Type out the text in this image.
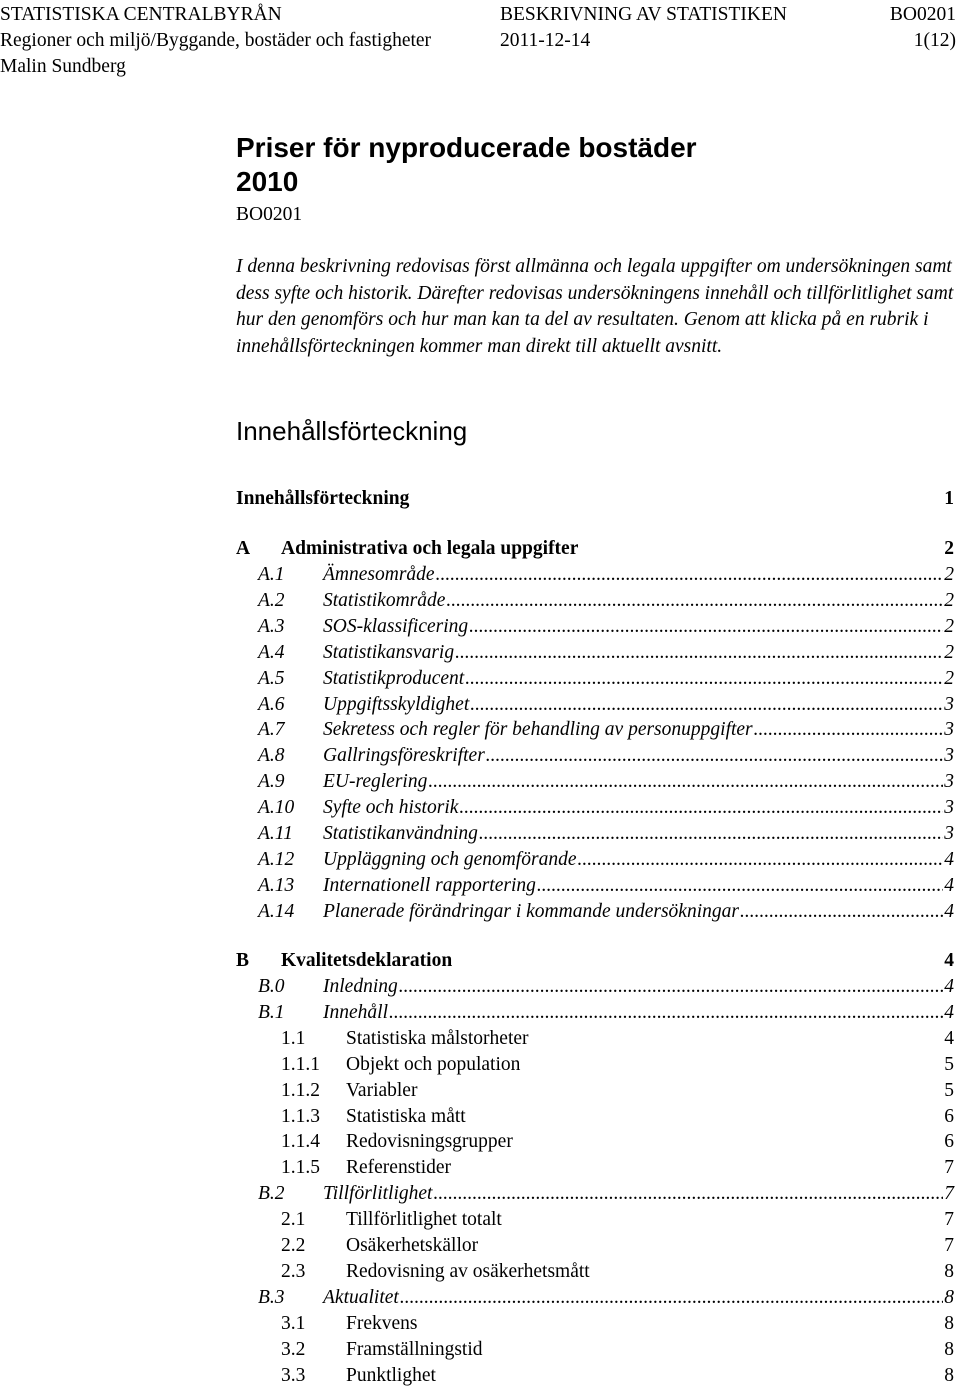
STATISTISKA CENTRALBYRÅN	BESKRIVNING AV STATISTIKEN	BO0201
Regioner och miljö/Byggande, bostäder och fastigheter	2011-12-14	1(12)
Malin Sundberg
Priser för nyproducerade bostäder
2010
BO0201
I denna beskrivning redovisas först allmänna och legala uppgifter om undersökningen samt dess syfte och historik. Därefter redovisas undersökningens innehåll och tillförlitlighet samt hur den genomförs och hur man kan ta del av resultaten. Genom att klicka på en rubrik i innehållsförteckningen kommer man direkt till aktuellt avsnitt.
Innehållsförteckning
Innehållsförteckning	1
A Administrativa och legala uppgifter	2
A.1 Ämnesområde .....	2
A.2 Statistikområde .....	2
A.3 SOS-klassificering .....	2
A.4 Statistikansvarig .....	2
A.5 Statistikproducent .....	2
A.6 Uppgiftsskyldighet .....	3
A.7 Sekretess och regler för behandling av personuppgifter .....	3
A.8 Gallringsföreskrifter .....	3
A.9 EU-reglering .....	3
A.10 Syfte och historik .....	3
A.11 Statistikanvändning .....	3
A.12 Uppläggning och genomförande .....	4
A.13 Internationell rapportering .....	4
A.14 Planerade förändringar i kommande undersökningar .....	4
B Kvalitetsdeklaration	4
B.0 Inledning .....	4
B.1 Innehåll .....	4
1.1 Statistiska målstorheter	4
1.1.1 Objekt och population	5
1.1.2 Variabler	5
1.1.3 Statistiska mått	6
1.1.4 Redovisningsgrupper	6
1.1.5 Referenstider	7
B.2 Tillförlitlighet .....	7
2.1 Tillförlitlighet totalt	7
2.2 Osäkerhetskällor	7
2.3 Redovisning av osäkerhetsmått	8
B.3 Aktualitet .....	8
3.1 Frekvens	8
3.2 Framställningstid	8
3.3 Punktlighet	8
